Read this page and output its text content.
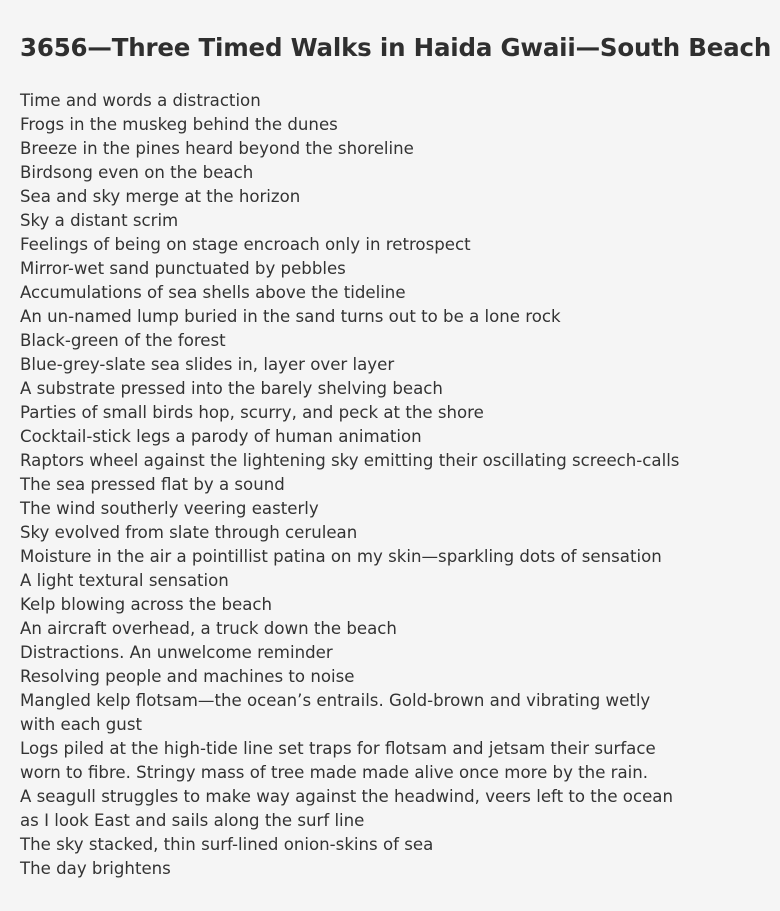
3656—Three Timed Walks in Haida Gwaii—South Beach
Time and words a distraction
Frogs in the muskeg behind the dunes
Breeze in the pines heard beyond the shoreline
Birdsong even on the beach
Sea and sky merge at the horizon
Sky a distant scrim
Feelings of being on stage encroach only in retrospect
Mirror-wet sand punctuated by pebbles
Accumulations of sea shells above the tideline
An un-named lump buried in the sand turns out to be a lone rock
Black-green of the forest
Blue-grey-slate sea slides in, layer over layer
A substrate pressed into the barely shelving beach
Parties of small birds hop, scurry, and peck at the shore
Cocktail-stick legs a parody of human animation
Raptors wheel against the lightening sky emitting their oscillating screech-calls
The sea pressed flat by a sound
The wind southerly veering easterly
Sky evolved from slate through cerulean
Moisture in the air a pointillist patina on my skin—sparkling dots of sensation
A light textural sensation
Kelp blowing across the beach
An aircraft overhead, a truck down the beach
Distractions. An unwelcome reminder
Resolving people and machines to noise
Mangled kelp flotsam—the ocean’s entrails. Gold-brown and vibrating wetly
with each gust
Logs piled at the high-tide line set traps for flotsam and jetsam their surface
worn to fibre. Stringy mass of tree made made alive once more by the rain.
A seagull struggles to make way against the headwind, veers left to the ocean
as I look East and sails along the surf line
The sky stacked, thin surf-lined onion-skins of sea
The day brightens
